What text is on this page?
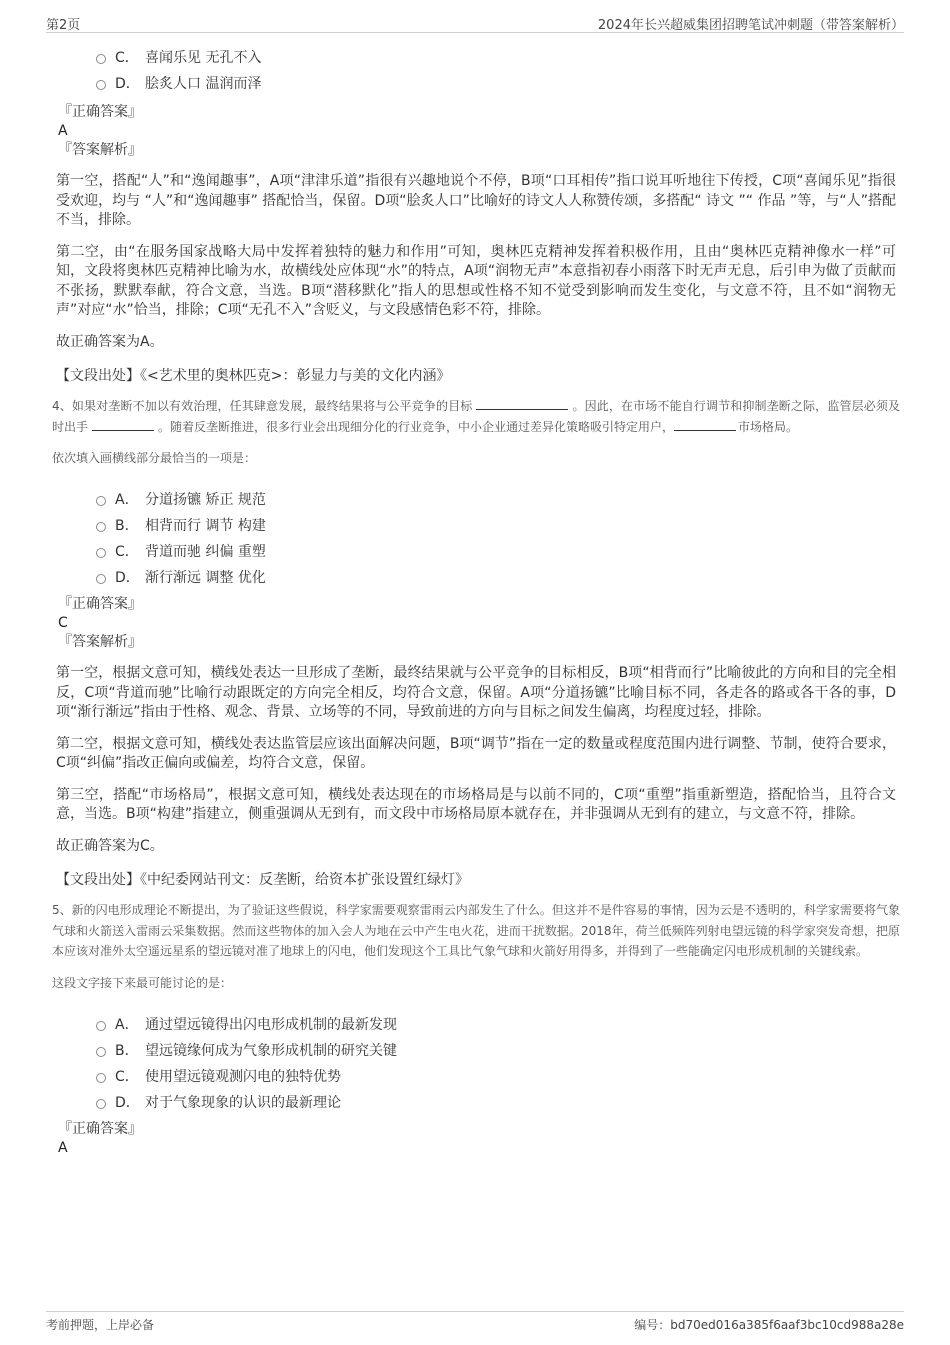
第2页	2024年长兴超威集团招聘笔试冲刺题（带答案解析）
C． 喜闻乐见 无孔不入
D． 脍炙人口 温润而泽
『正确答案』
A
『答案解析』

第一空，搭配“人”和“逸闻趣事”，A项“津津乐道”指很有兴趣地说个不停，B项“口耳相传”指口说耳听地往下传授，C项“喜闻乐见”指很受欢迎，均与 “人”和“逸闻趣事” 搭配恰当，保留。D项“脍炙人口”比喻好的诗文人人称赞传颂，多搭配“ 诗文 ”“ 作品 ”等，与“人”搭配不当，排除。

第二空，由“在服务国家战略大局中发挥着独特的魅力和作用”可知，奥林匹克精神发挥着积极作用，且由“奥林匹克精神像水一样”可知，文段将奥林匹克精神比喻为水，故横线处应体现“水”的特点，A项“润物无声”本意指初春小雨落下时无声无息，后引申为做了贡献而不张扬，默默奉献，符合文意，当选。B项“潜移默化”指人的思想或性格不知不觉受到影响而发生变化，与文意不符，且不如“润物无声”对应“水”恰当，排除；C项“无孔不入”含贬义，与文段感情色彩不符，排除。

故正确答案为A。

【文段出处】《<艺术里的奥林匹克>：彰显力与美的文化内涵》
4、如果对垄断不加以有效治理，任其肆意发展，最终结果将与公平竞争的目标	。因此，在市场不能自行调节和抑制垄断之际，监管层必须及时出手	。随着反垄断推进，很多行业会出现细分化的行业竞争，中小企业通过差异化策略吸引特定用户，	市场格局。
依次填入画横线部分最恰当的一项是：
A． 分道扬镳 矫正 规范
B． 相背而行 调节 构建
C． 背道而驰 纠偏 重塑
D． 渐行渐远 调整 优化
『正确答案』
C
『答案解析』

第一空，根据文意可知，横线处表达一旦形成了垄断，最终结果就与公平竞争的目标相反，B项“相背而行”比喻彼此的方向和目的完全相反，C项“背道而驰”比喻行动跟既定的方向完全相反，均符合文意，保留。A项“分道扬镳”比喻目标不同，各走各的路或各干各的事，D项“渐行渐远”指由于性格、观念、背景、立场等的不同，导致前进的方向与目标之间发生偏离，均程度过轻，排除。

第二空，根据文意可知，横线处表达监管层应该出面解决问题，B项“调节”指在一定的数量或程度范围内进行调整、节制，使符合要求，C项“纠偏”指改正偏向或偏差，均符合文意，保留。

第三空，搭配“市场格局”，根据文意可知，横线处表达现在的市场格局是与以前不同的，C项“重塑”指重新塑造，搭配恰当，且符合文意，当选。B项“构建”指建立，侧重强调从无到有，而文段中市场格局原本就存在，并非强调从无到有的建立，与文意不符，排除。

故正确答案为C。

【文段出处】《中纪委网站刊文：反垄断，给资本扩张设置红绿灯》
5、新的闪电形成理论不断提出，为了验证这些假说，科学家需要观察雷雨云内部发生了什么。但这并不是件容易的事情，因为云是不透明的，科学家需要将气象气球和火箭送入雷雨云采集数据。然而这些物体的加入会人为地在云中产生电火花，进而干扰数据。2018年，荷兰低频阵列射电望远镜的科学家突发奇想，把原本应该对准外太空遥远星系的望远镜对准了地球上的闪电，他们发现这个工具比气象气球和火箭好用得多，并得到了一些能确定闪电形成机制的关键线索。
这段文字接下来最可能讨论的是：
A． 通过望远镜得出闪电形成机制的最新发现
B． 望远镜缘何成为气象形成机制的研究关键
C． 使用望远镜观测闪电的独特优势
D． 对于气象现象的认识的最新理论
『正确答案』
A
考前押题，上岸必备	编号：bd70ed016a385f6aaf3bc10cd988a28e
